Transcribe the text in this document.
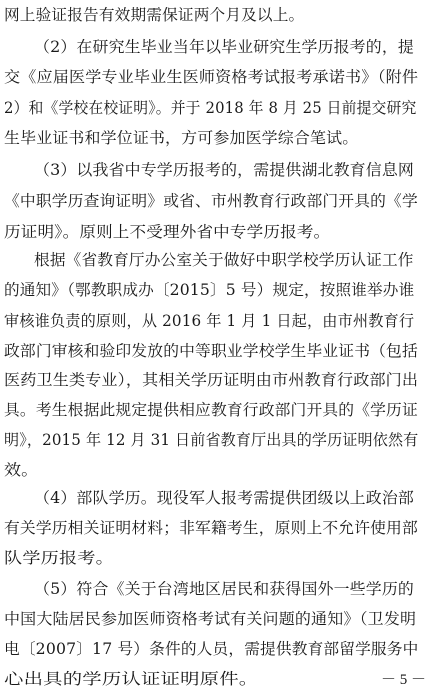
网上验证报告有效期需保证两个月及以上。
（2）在研究生毕业当年以毕业研究生学历报考的，提
交《应届医学专业毕业生医师资格考试报考承诺书》（附件
2）和《学校在校证明》。并于 2018 年 8 月 25 日前提交研究
生毕业证书和学位证书，方可参加医学综合笔试。
（3）以我省中专学历报考的，需提供湖北教育信息网
《中职学历查询证明》或省、市州教育行政部门开具的《学
历证明》。原则上不受理外省中专学历报考。
根据《省教育厅办公室关于做好中职学校学历认证工作
的通知》（鄂教职成办〔2015〕5 号）规定，按照谁举办谁
审核谁负责的原则，从 2016 年 1 月 1 日起，由市州教育行
政部门审核和验印发放的中等职业学校学生毕业证书（包括
医药卫生类专业），其相关学历证明由市州教育行政部门出
具。考生根据此规定提供相应教育行政部门开具的《学历证
明》，2015 年 12 月 31 日前省教育厅出具的学历证明依然有
效。
（4）部队学历。现役军人报考需提供团级以上政治部
有关学历相关证明材料；非军籍考生，原则上不允许使用部
队学历报考。
（5）符合《关于台湾地区居民和获得国外一些学历的
中国大陆居民参加医师资格考试有关问题的通知》（卫发明
电〔2007〕17 号）条件的人员，需提供教育部留学服务中
心出具的学历认证证明原件。	－ 5 －
